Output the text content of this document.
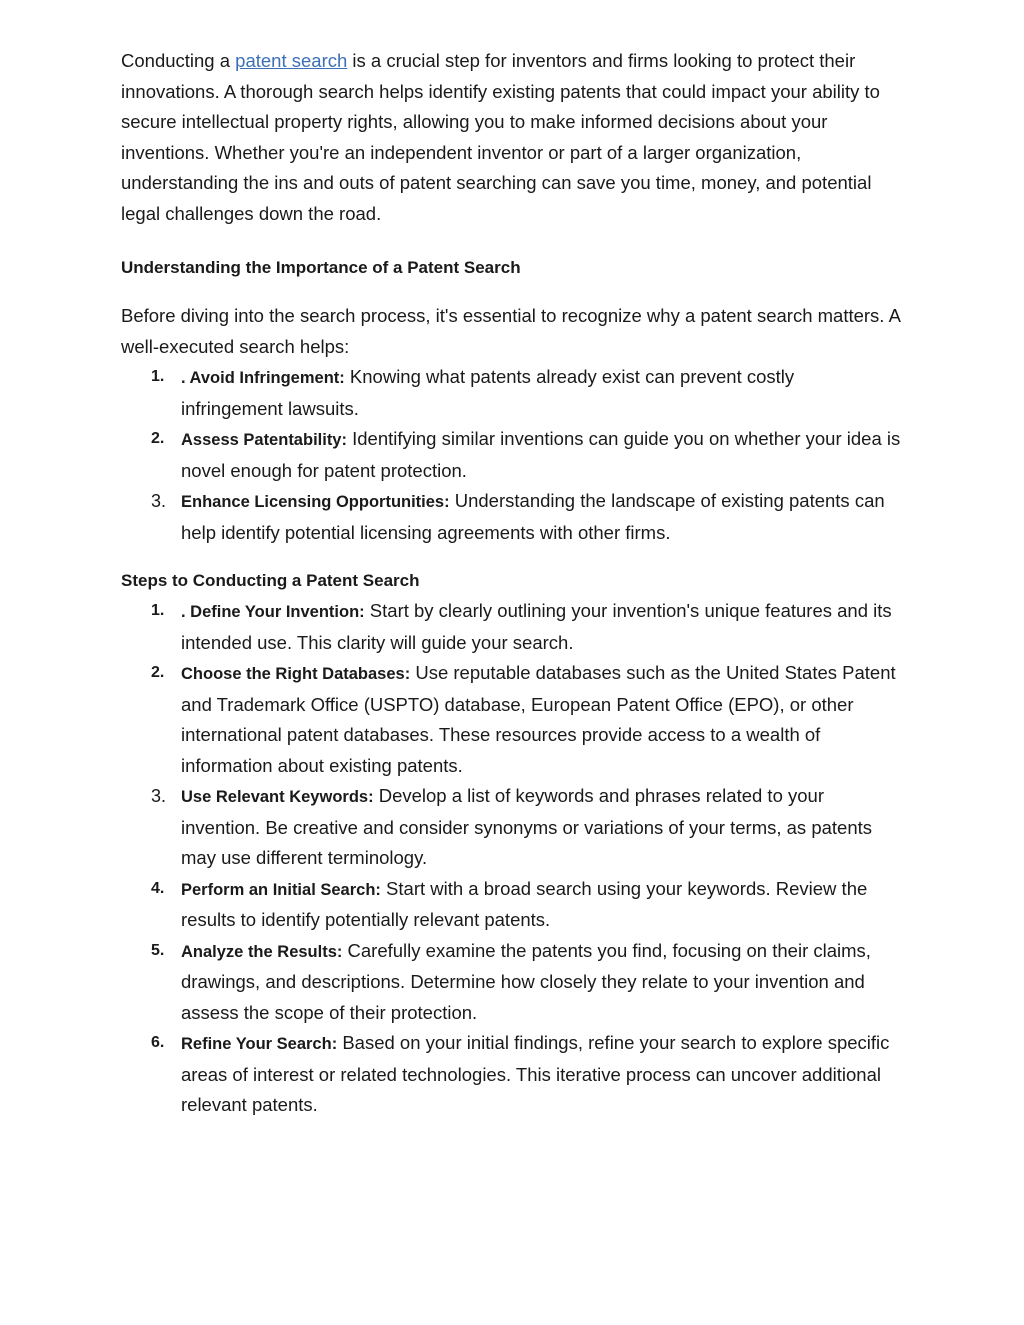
Conducting a patent search is a crucial step for inventors and firms looking to protect their innovations. A thorough search helps identify existing patents that could impact your ability to secure intellectual property rights, allowing you to make informed decisions about your inventions. Whether you're an independent inventor or part of a larger organization, understanding the ins and outs of patent searching can save you time, money, and potential legal challenges down the road.

Understanding the Importance of a Patent Search

Before diving into the search process, it's essential to recognize why a patent search matters. A well-executed search helps:

1. . Avoid Infringement: Knowing what patents already exist can prevent costly infringement lawsuits.
2. Assess Patentability: Identifying similar inventions can guide you on whether your idea is novel enough for patent protection.
3. Enhance Licensing Opportunities: Understanding the landscape of existing patents can help identify potential licensing agreements with other firms.
Steps to Conducting a Patent Search
1. . Define Your Invention: Start by clearly outlining your invention's unique features and its intended use. This clarity will guide your search.
2. Choose the Right Databases: Use reputable databases such as the United States Patent and Trademark Office (USPTO) database, European Patent Office (EPO), or other international patent databases. These resources provide access to a wealth of information about existing patents.
3. Use Relevant Keywords: Develop a list of keywords and phrases related to your invention. Be creative and consider synonyms or variations of your terms, as patents may use different terminology.
4. Perform an Initial Search: Start with a broad search using your keywords. Review the results to identify potentially relevant patents.
5. Analyze the Results: Carefully examine the patents you find, focusing on their claims, drawings, and descriptions. Determine how closely they relate to your invention and assess the scope of their protection.
6. Refine Your Search: Based on your initial findings, refine your search to explore specific areas of interest or related technologies. This iterative process can uncover additional relevant patents.
